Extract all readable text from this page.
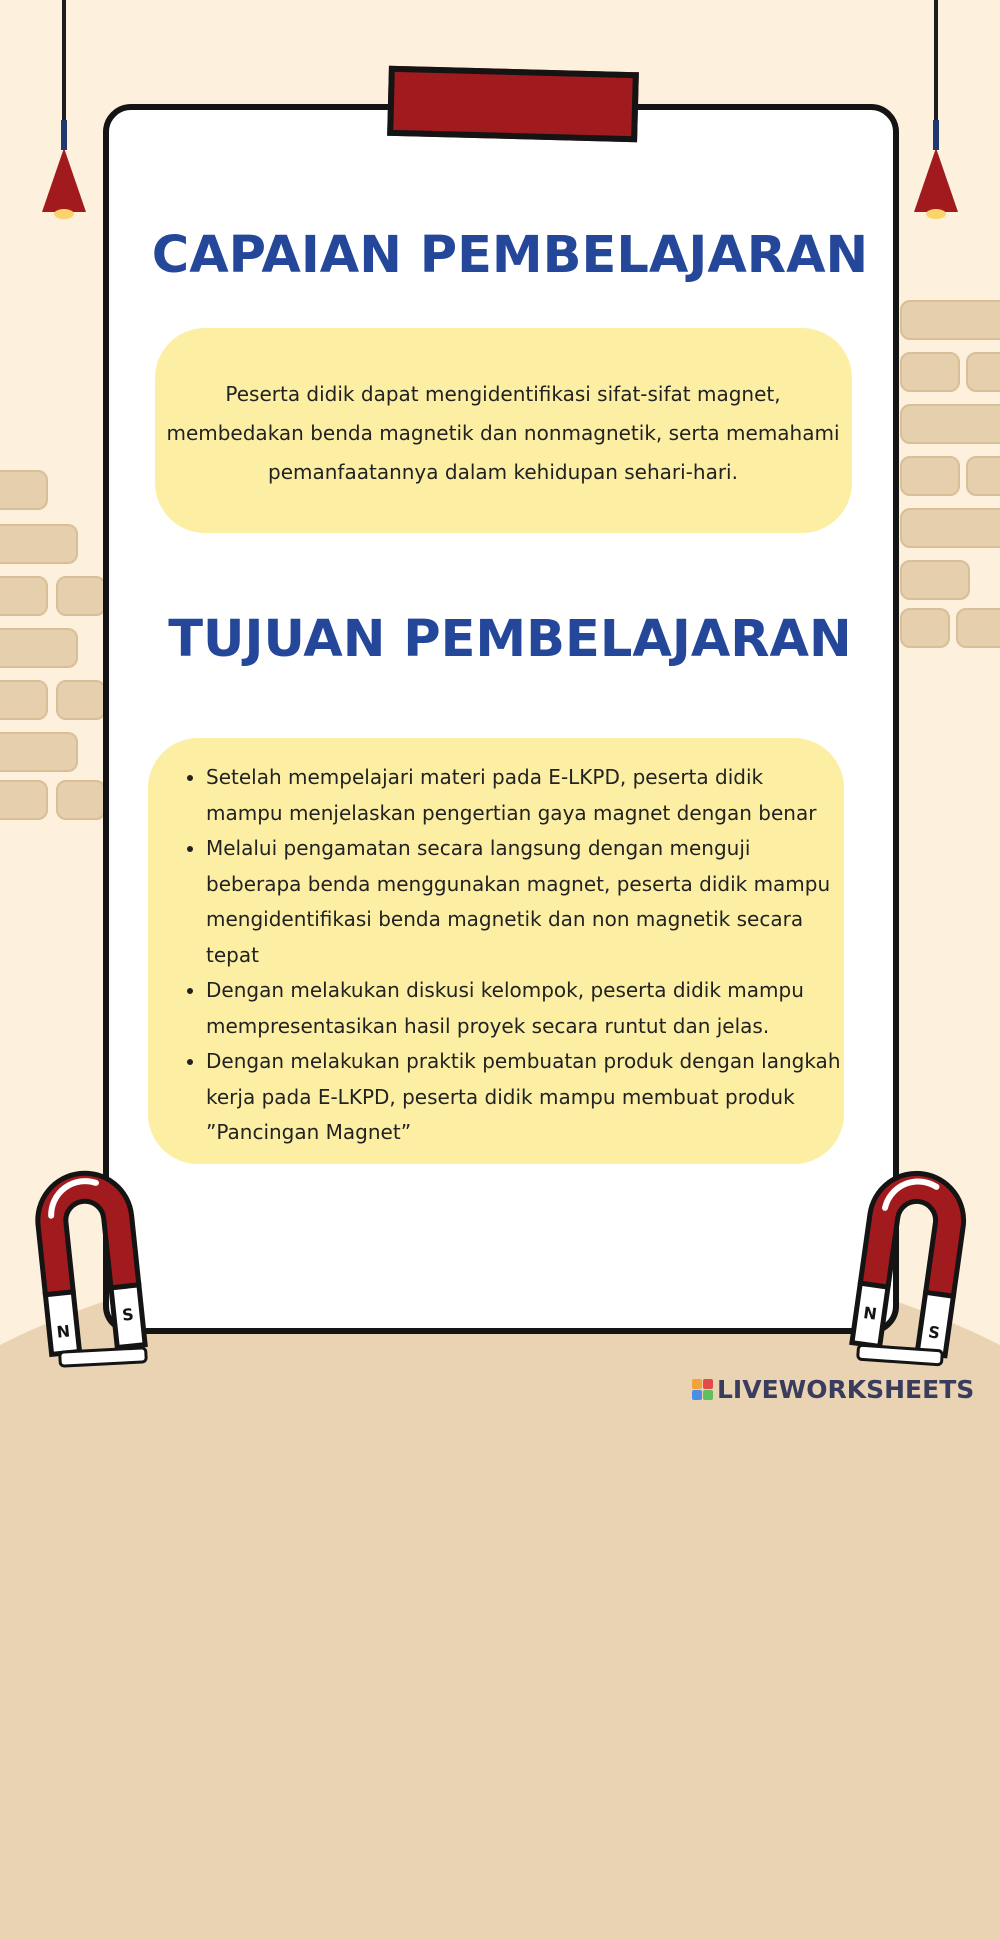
CAPAIAN PEMBELAJARAN
Peserta didik dapat mengidentifikasi sifat-sifat magnet, membedakan benda magnetik dan nonmagnetik, serta memahami pemanfaatannya dalam kehidupan sehari-hari.
TUJUAN PEMBELAJARAN
• Setelah mempelajari materi pada E-LKPD, peserta didik mampu menjelaskan pengertian gaya magnet dengan benar
• Melalui pengamatan secara langsung dengan menguji beberapa benda menggunakan magnet, peserta didik mampu mengidentifikasi benda magnetik dan non magnetik secara tepat
• Dengan melakukan diskusi kelompok, peserta didik mampu mempresentasikan hasil proyek secara runtut dan jelas.
• Dengan melakukan praktik pembuatan produk dengan langkah kerja pada E-LKPD, peserta didik mampu membuat produk ”Pancingan Magnet”
N
S	N
S
LIVEWORKSHEETS
